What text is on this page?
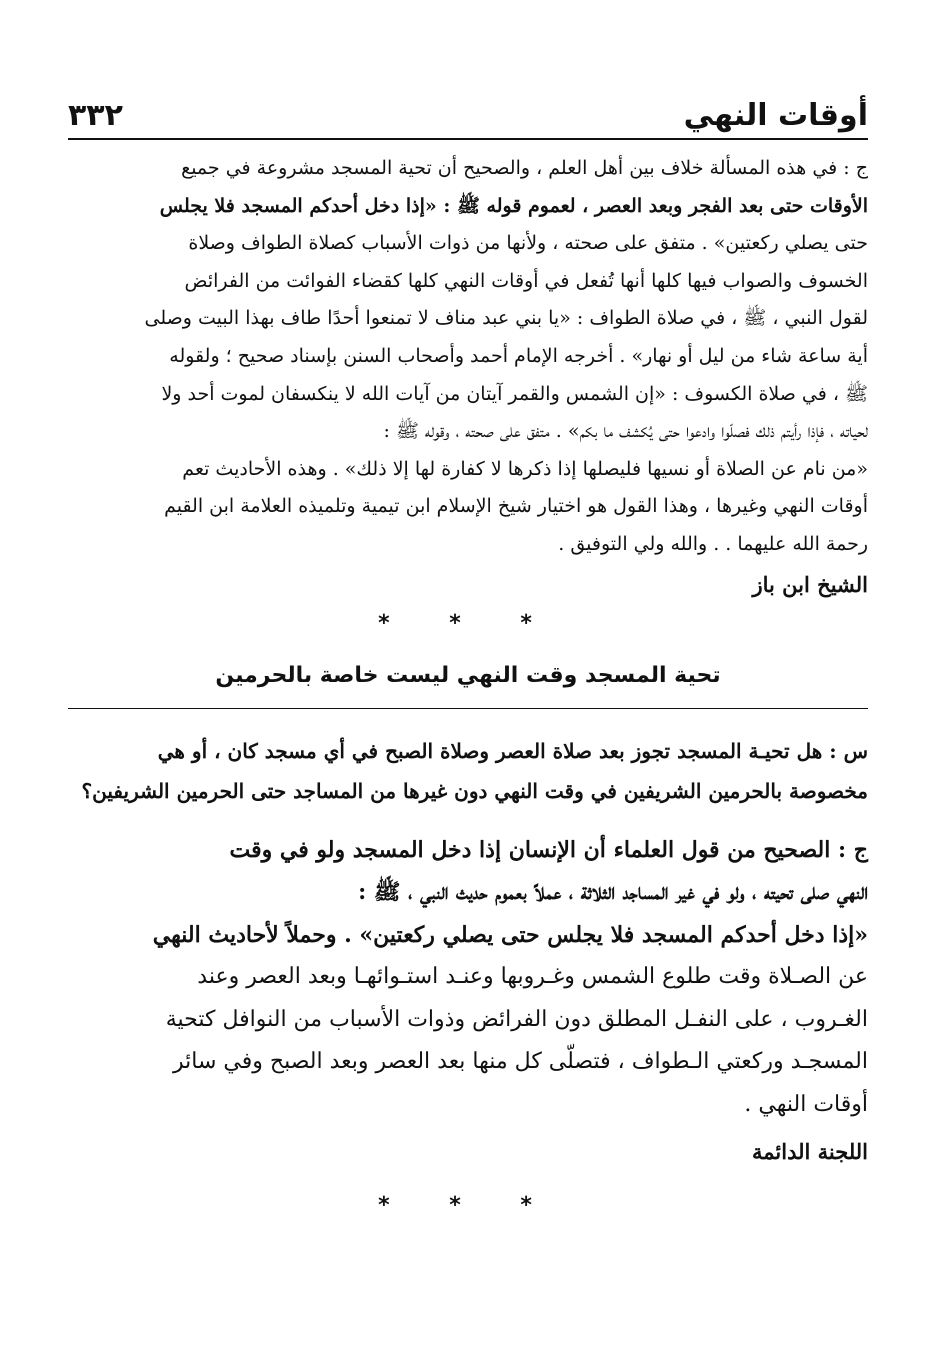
أوقات النهي
٣٣٢

ج : في هذه المسألة خلاف بين أهل العلم ، والصحيح أن تحية المسجد مشروعة في جميع

الأوقات حتى بعد الفجر وبعد العصر ، لعموم قوله ﷺ : «إذا دخل أحدكم المسجد فلا يجلس

حتى يصلي ركعتين» . متفق على صحته ، ولأنها من ذوات الأسباب كصلاة الطواف وصلاة

الخسوف والصواب فيها كلها أنها تُفعل في أوقات النهي كلها كقضاء الفوائت من الفرائض

لقول النبي ، ﷺ ، في صلاة الطواف : «يا بني عبد مناف لا تمنعوا أحدًا طاف بهذا البيت وصلى

أية ساعة شاء من ليل أو نهار» . أخرجه الإمام أحمد وأصحاب السنن بإسناد صحيح ؛ ولقوله

ﷺ ، في صلاة الكسوف : «إن الشمس والقمر آيتان من آيات الله لا ينكسفان لموت أحد ولا

لحياته ، فإذا رأيتم ذلك فصلّوا وادعوا حتى يُكشف ما بكم» . متفق على صحته ، وقوله ﷺ :

«من نام عن الصلاة أو نسيها فليصلها إذا ذكرها لا كفارة لها إلا ذلك» . وهذه الأحاديث تعم

أوقات النهي وغيرها ، وهذا القول هو اختيار شيخ الإسلام ابن تيمية وتلميذه العلامة ابن القيم

رحمة الله عليهما . . والله ولي التوفيق .

الشيخ ابن باز
* * *
تحية المسجد وقت النهي ليست خاصة بالحرمين
س : هل تحيـة المسجد تجوز بعد صلاة العصر وصلاة الصبح في أي مسجد كان ، أو هي
مخصوصة بالحرمين الشريفين في وقت النهي دون غيرها من المساجد حتى الحرمين الشريفين؟
ج : الصحيح من قول العلماء أن الإنسان إذا دخل المسجد ولو في وقت
النهي صلى تحيته ، ولو في غير المساجد الثلاثة ، عملاً بعموم حديث النبي ، ﷺ :
«إذا دخل أحدكم المسجد فلا يجلس حتى يصلي ركعتين» . وحملاً لأحاديث النهي
عن الصـلاة وقت طلوع الشمس وغـروبها وعنـد استـوائهـا وبعد العصر وعند
الغـروب ، على النفـل المطلق دون الفرائض وذوات الأسباب من النوافل كتحية
المسجـد وركعتي الـطواف ، فتصلّى كل منها بعد العصر وبعد الصبح وفي سائر
أوقات النهي .
اللجنة الدائمة
* * *
